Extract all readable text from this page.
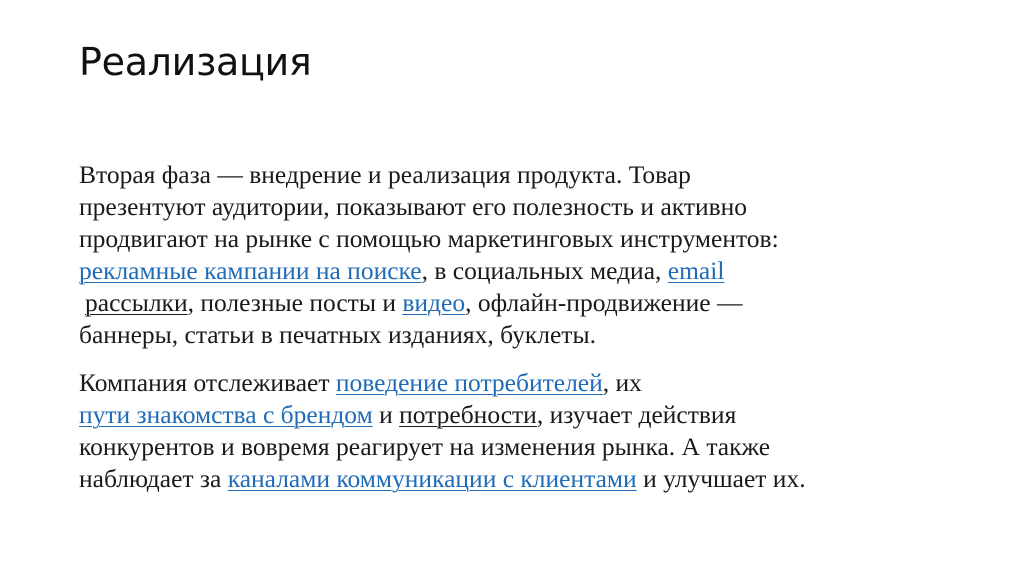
Реализация

Вторая фаза — внедрение и реализация продукта. Товар
презентуют аудитории, показывают его полезность и активно
продвигают на рынке с помощью маркетинговых инструментов:
рекламные кампании на поиске, в социальных медиа, email
рассылки, полезные посты и видео, офлайн-продвижение —
баннеры, статьи в печатных изданиях, буклеты.

Компания отслеживает поведение потребителей, их
пути знакомства с брендом и потребности, изучает действия
конкурентов и вовремя реагирует на изменения рынка. А также
наблюдает за каналами коммуникации с клиентами и улучшает их.
